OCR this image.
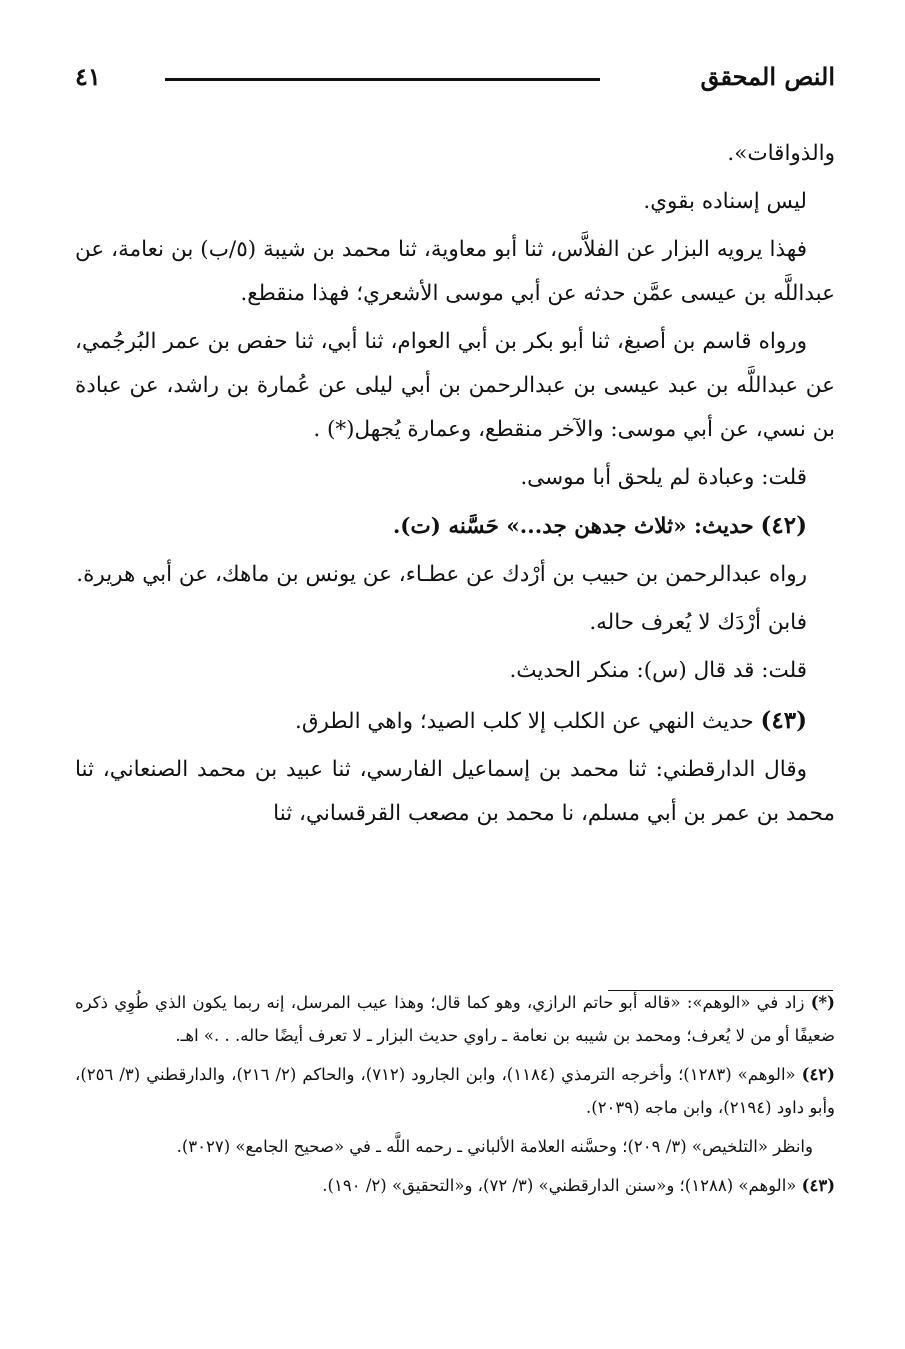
النص المحقق
٤١

والذواقات».

ليس إسناده بقوي.

فهذا يرويه البزار عن الفلاَّس، ثنا أبو معاوية، ثنا محمد بن شيبة (٥/ب) بن نعامة، عن عبداللَّه بن عيسى عمَّن حدثه عن أبي موسى الأشعري؛ فهذا منقطع.

ورواه قاسم بن أصبغ، ثنا أبو بكر بن أبي العوام، ثنا أبي، ثنا حفص بن عمر البُرجُمي، عن عبداللَّه بن عبد عيسى بن عبدالرحمن بن أبي ليلى عن عُمارة بن راشد، عن عبادة بن نسي، عن أبي موسى: والآخر منقطع، وعمارة يُجهل(*) .

قلت: وعبادة لم يلحق أبا موسى.

(٤٢) حديث: «ثلاث جدهن جد...» حَسَّنه (ت).

رواه عبدالرحمن بن حبيب بن أرْدك عن عطـاء، عن يونس بن ماهك، عن أبي هريرة.

فابن أرْدَك لا يُعرف حاله.

قلت: قد قال (س): منكر الحديث.

(٤٣) حديث النهي عن الكلب إلا كلب الصيد؛ واهي الطرق.

وقال الدارقطني: ثنا محمد بن إسماعيل الفارسي، ثنا عبيد بن محمد الصنعاني، ثنا محمد بن عمر بن أبي مسلم، نا محمد بن مصعب القرقساني، ثنا

(*) زاد في «الوهم»: «قاله أبو حاتم الرازي، وهو كما قال؛ وهذا عيب المرسل، إنه ربما يكون الذي طُوِي ذكره ضعيفًا أو من لا يُعرف؛ ومحمد بن شيبه بن نعامة ـ راوي حديث البزار ـ لا تعرف أيضًا حاله. . .» اهـ.

(٤٢) «الوهم» (١٢٨٣)؛ وأخرجه الترمذي (١١٨٤)، وابن الجارود (٧١٢)، والحاكم (٢/ ٢١٦)، والدارقطني (٣/ ٢٥٦)، وأبو داود (٢١٩٤)، وابن ماجه (٢٠٣٩).

وانظر «التلخيص» (٣/ ٢٠٩)؛ وحسَّنه العلامة الألباني ـ رحمه اللَّه ـ في «صحيح الجامع» (٣٠٢٧).

(٤٣) «الوهم» (١٢٨٨)؛ و«سنن الدارقطني» (٣/ ٧٢)، و«التحقيق» (٢/ ١٩٠).
